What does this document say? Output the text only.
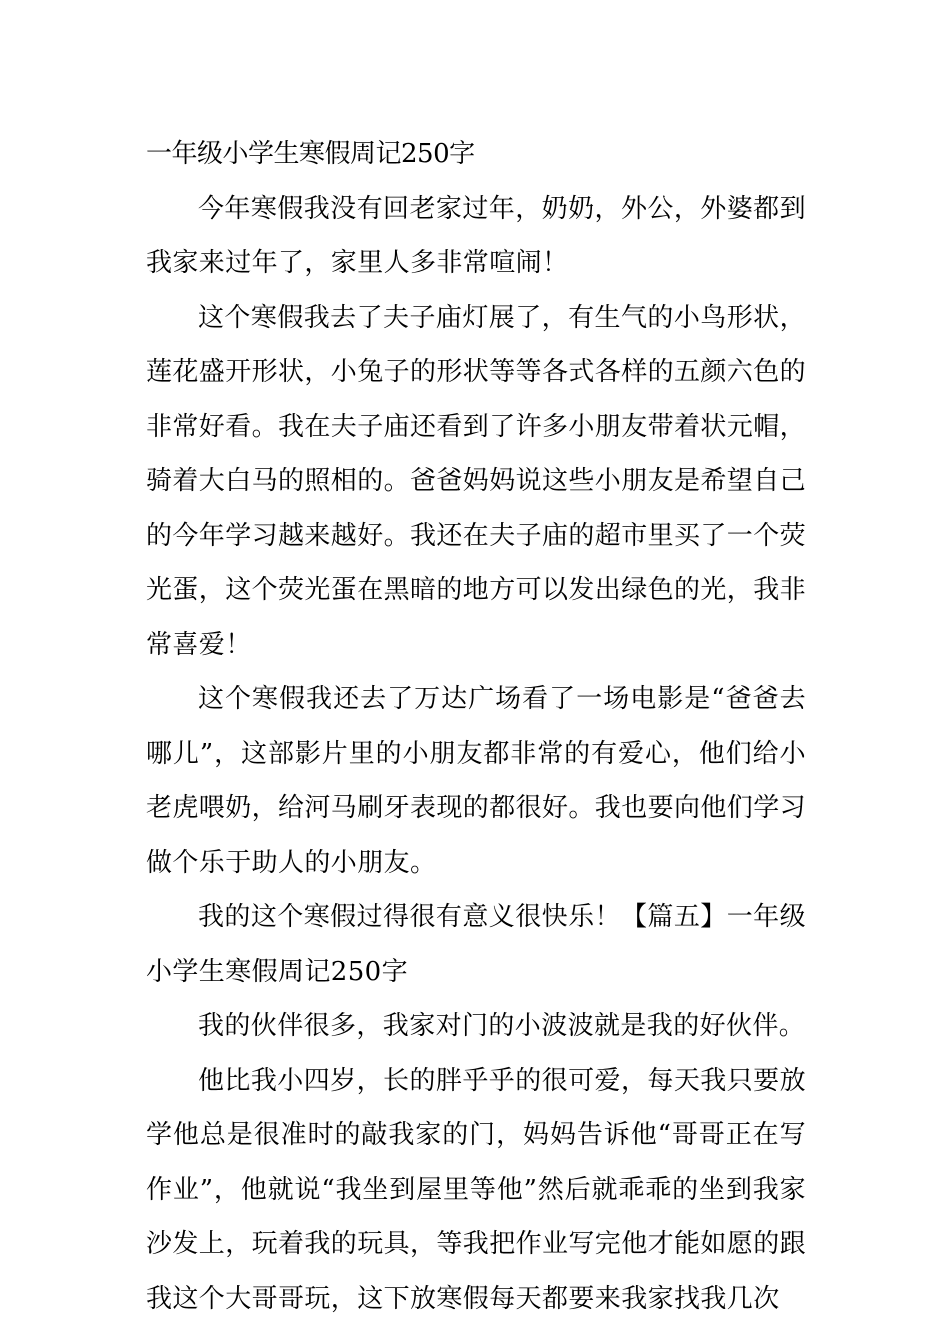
一年级小学生寒假周记250字

今年寒假我没有回老家过年，奶奶，外公，外婆都到我家来过年了，家里人多非常喧闹！

这个寒假我去了夫子庙灯展了，有生气的小鸟形状，莲花盛开形状，小兔子的形状等等各式各样的五颜六色的非常好看。我在夫子庙还看到了许多小朋友带着状元帽，骑着大白马的照相的。爸爸妈妈说这些小朋友是希望自己的今年学习越来越好。我还在夫子庙的超市里买了一个荧光蛋，这个荧光蛋在黑暗的地方可以发出绿色的光，我非常喜爱！

这个寒假我还去了万达广场看了一场电影是“爸爸去哪儿”，这部影片里的小朋友都非常的有爱心，他们给小老虎喂奶，给河马刷牙表现的都很好。我也要向他们学习做个乐于助人的小朋友。

我的这个寒假过得很有意义很快乐！【篇五】一年级小学生寒假周记250字

我的伙伴很多，我家对门的小波波就是我的好伙伴。

他比我小四岁，长的胖乎乎的很可爱，每天我只要放学他总是很准时的敲我家的门，妈妈告诉他“哥哥正在写作业”，他就说“我坐到屋里等他”然后就乖乖的坐到我家沙发上，玩着我的玩具，等我把作业写完他才能如愿的跟我这个大哥哥玩，这下放寒假每天都要来我家找我几次
